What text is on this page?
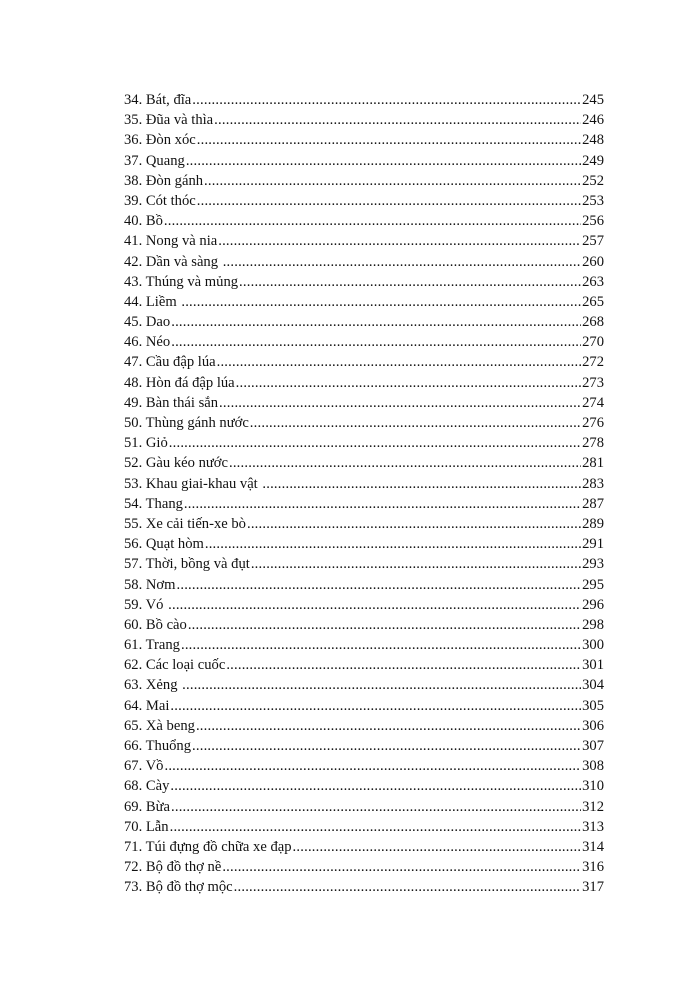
34. Bát, đĩa .....	245
35. Đũa và thìa .....	246
36. Đòn xóc .....	248
37. Quang .....	249
38. Đòn gánh .....	252
39. Cót thóc .....	253
40. Bồ .....	256
41. Nong và nia .....	257
42. Dần và sàng .....	260
43. Thúng và mủng .....	263
44. Liềm .....	265
45. Dao .....	268
46. Néo .....	270
47. Cầu đập lúa .....	272
48. Hòn đá đập lúa .....	273
49. Bàn thái sắn .....	274
50. Thùng gánh nước .....	276
51. Giỏ .....	278
52. Gàu kéo nước .....	281
53. Khau giai-khau vật .....	283
54. Thang .....	287
55. Xe cải tiến-xe bò .....	289
56. Quạt hòm .....	291
57. Thời, bồng và đụt .....	293
58. Nơm .....	295
59. Vó .....	296
60. Bồ cào .....	298
61. Trang .....	300
62. Các loại cuốc .....	301
63. Xẻng .....	304
64. Mai .....	305
65. Xà beng .....	306
66. Thuổng .....	307
67. Vồ .....	308
68. Cày .....	310
69. Bừa .....	312
70. Lẫn .....	313
71. Túi đựng đồ chữa xe đạp .....	314
72. Bộ đồ thợ nề .....	316
73. Bộ đồ thợ mộc .....	317
